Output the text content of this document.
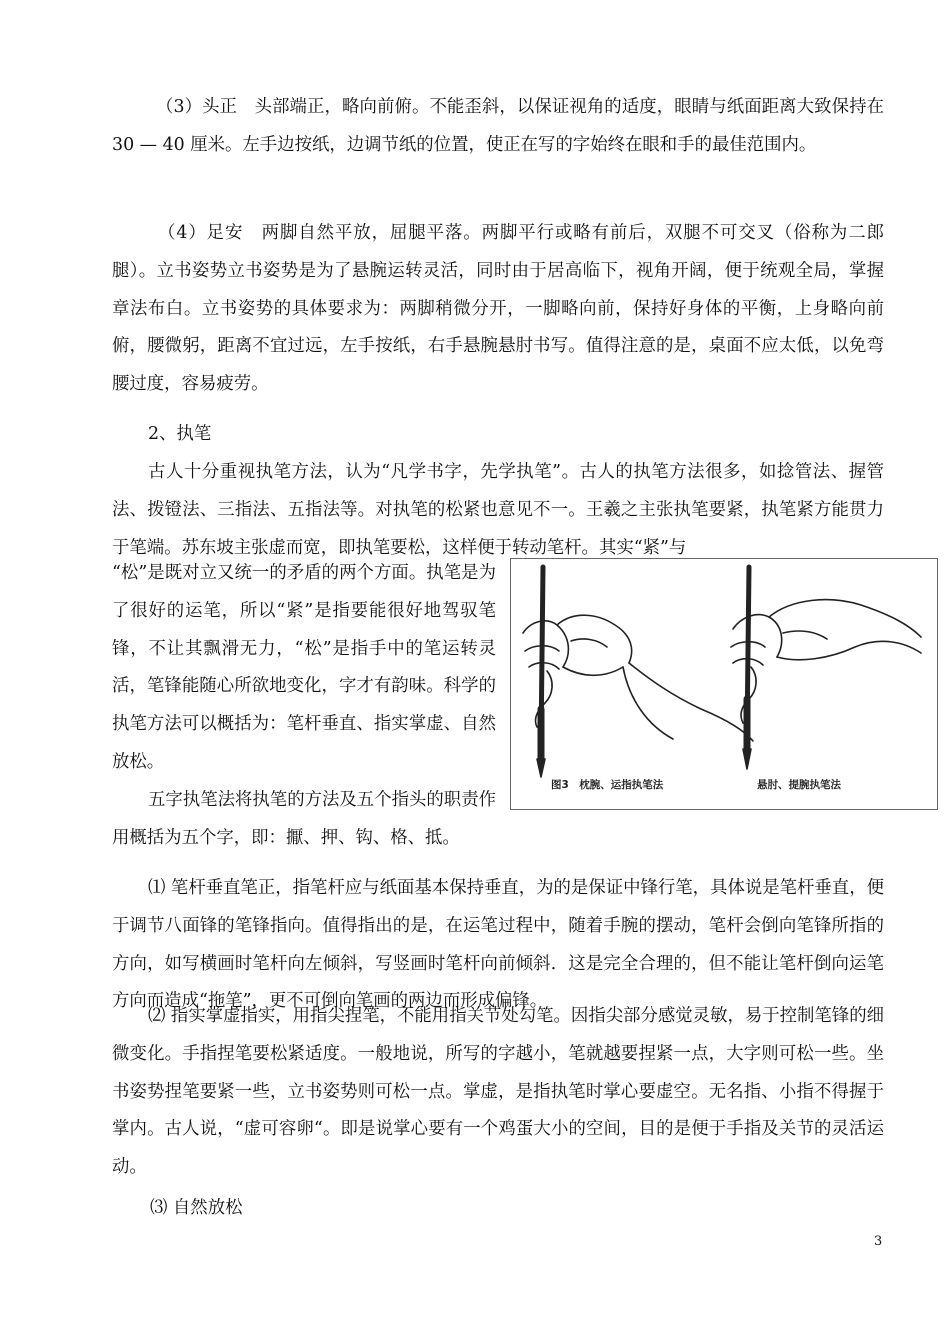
（3）头正　头部端正，略向前俯。不能歪斜，以保证视角的适度，眼睛与纸面距离大致保持在 30 — 40 厘米。左手边按纸，边调节纸的位置，使正在写的字始终在眼和手的最佳范围内。

（4）足安　两脚自然平放，屈腿平落。两脚平行或略有前后，双腿不可交叉（俗称为二郎腿）。立书姿势立书姿势是为了悬腕运转灵活，同时由于居高临下，视角开阔，便于统观全局，掌握章法布白。立书姿势的具体要求为：两脚稍微分开，一脚略向前，保持好身体的平衡，上身略向前俯，腰微躬，距离不宜过远，左手按纸，右手悬腕悬肘书写。值得注意的是，桌面不应太低，以免弯腰过度，容易疲劳。

2、执笔

古人十分重视执笔方法，认为“凡学书字，先学执笔”。古人的执笔方法很多，如捻管法、握管法、拨镫法、三指法、五指法等。对执笔的松紧也意见不一。王羲之主张执笔要紧，执笔紧方能贯力于笔端。苏东坡主张虚而宽，即执笔要松，这样便于转动笔杆。其实“紧”与

“松”是既对立又统一的矛盾的两个方面。执笔是为了很好的运笔，所以“紧”是指要能很好地驾驭笔锋，不让其飘滑无力，“松”是指手中的笔运转灵活，笔锋能随心所欲地变化，字才有韵味。科学的执笔方法可以概括为：笔杆垂直、指实掌虚、自然放松。

五字执笔法将执笔的方法及五个指头的职责作用概括为五个字，即：擫、押、钩、格、抵。

图3　枕腕、运指执笔法	悬肘、提腕执笔法

⑴ 笔杆垂直笔正，指笔杆应与纸面基本保持垂直，为的是保证中锋行笔，具体说是笔杆垂直，便于调节八面锋的笔锋指向。值得指出的是，在运笔过程中，随着手腕的摆动，笔杆会倒向笔锋所指的方向，如写横画时笔杆向左倾斜，写竖画时笔杆向前倾斜．这是完全合理的，但不能让笔杆倒向运笔方向而造成“拖笔”，更不可倒向笔画的两边而形成偏锋。

⑵ 指实掌虚指实，用指尖捏笔，不能用指关节处勾笔。因指尖部分感觉灵敏，易于控制笔锋的细微变化。手指捏笔要松紧适度。一般地说，所写的字越小，笔就越要捏紧一点，大字则可松一些。坐书姿势捏笔要紧一些，立书姿势则可松一点。掌虚，是指执笔时掌心要虚空。无名指、小指不得握于掌内。古人说，“虚可容卵“。即是说掌心要有一个鸡蛋大小的空间，目的是便于手指及关节的灵活运动。

⑶ 自然放松

3
